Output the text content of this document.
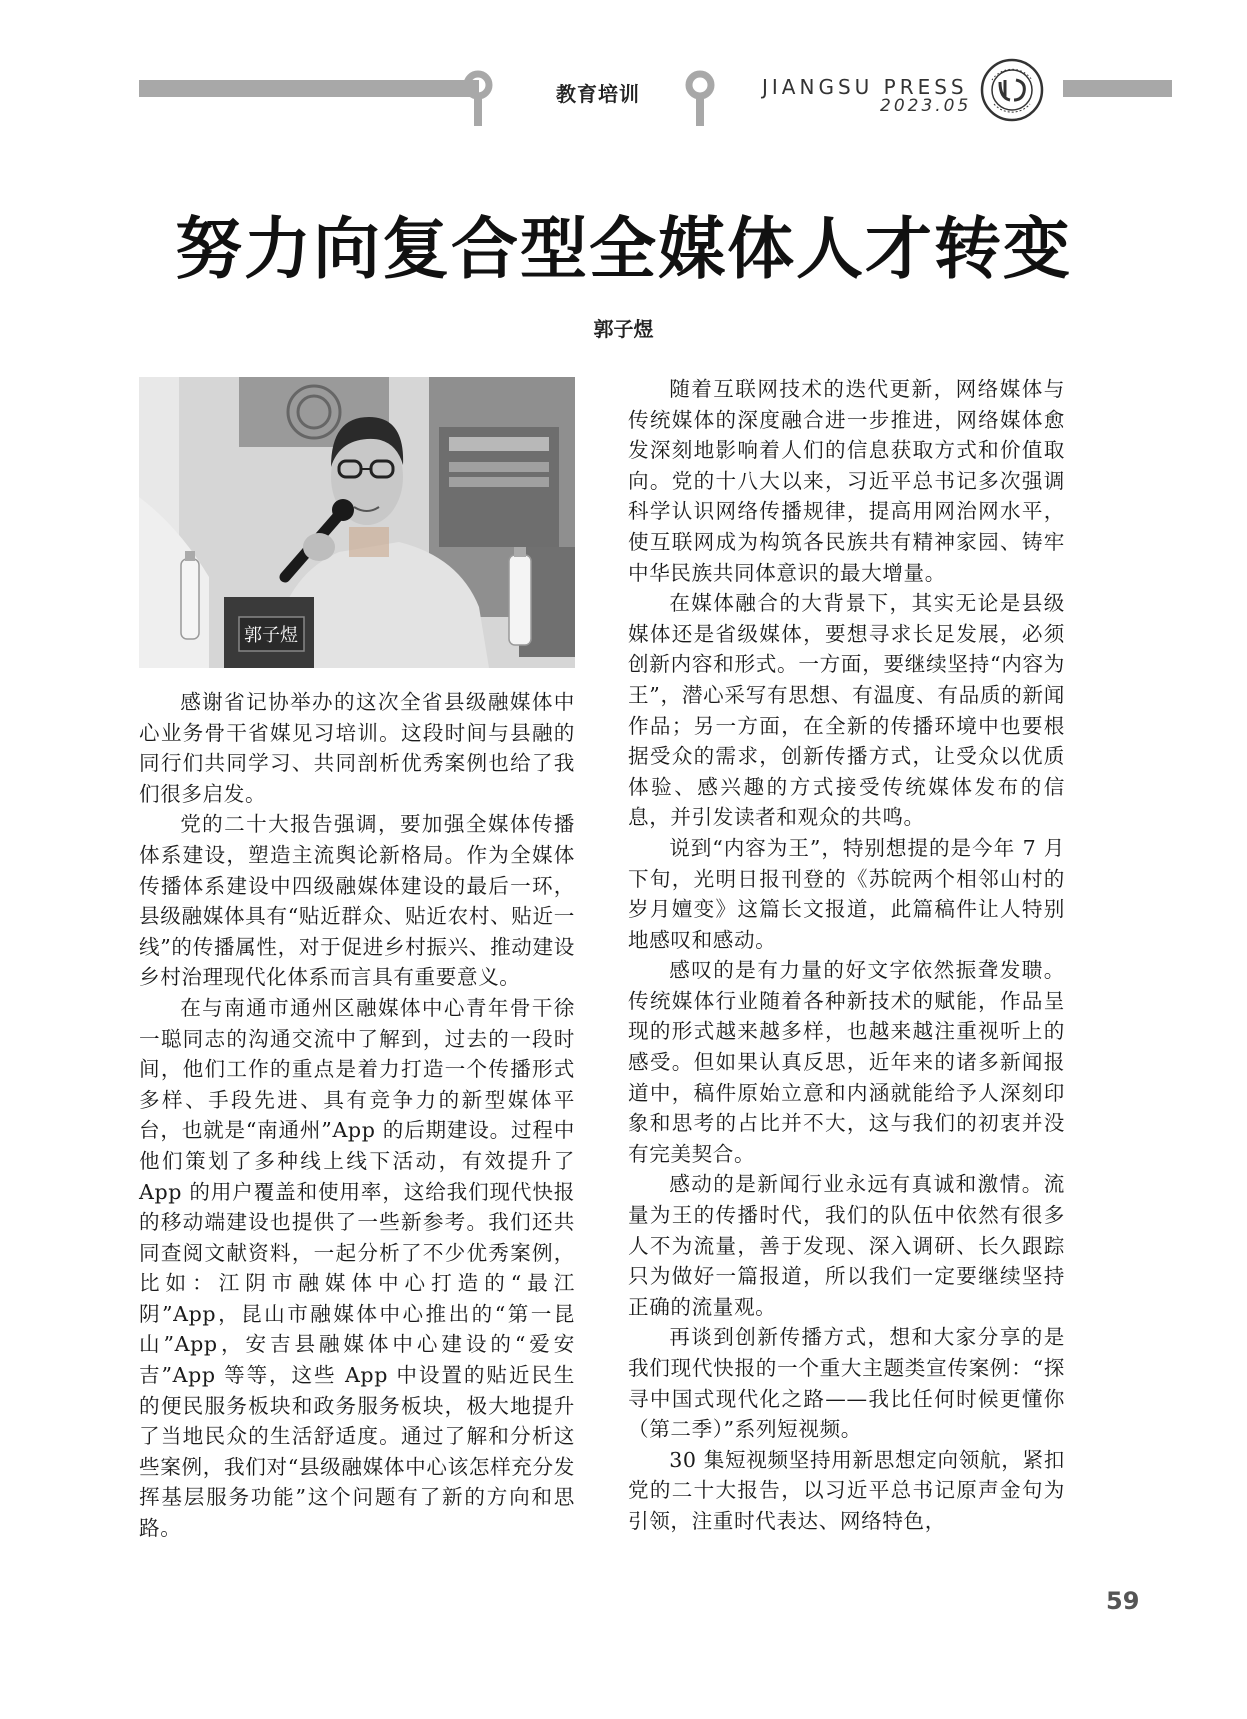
教育培训	JIANGSU PRESS
2023.05
努力向复合型全媒体人才转变
郭子煜
郭子煜

感谢省记协举办的这次全省县级融媒体中心业务骨干省媒见习培训。这段时间与县融的同行们共同学习、共同剖析优秀案例也给了我们很多启发。

党的二十大报告强调，要加强全媒体传播体系建设，塑造主流舆论新格局。作为全媒体传播体系建设中四级融媒体建设的最后一环，县级融媒体具有“贴近群众、贴近农村、贴近一线”的传播属性，对于促进乡村振兴、推动建设乡村治理现代化体系而言具有重要意义。

在与南通市通州区融媒体中心青年骨干徐一聪同志的沟通交流中了解到，过去的一段时间，他们工作的重点是着力打造一个传播形式多样、手段先进、具有竞争力的新型媒体平台，也就是“南通州”App 的后期建设。过程中他们策划了多种线上线下活动，有效提升了 App 的用户覆盖和使用率，这给我们现代快报的移动端建设也提供了一些新参考。我们还共同查阅文献资料，一起分析了不少优秀案例，比如：江阴市融媒体中心打造的“最江阴”App，昆山市融媒体中心推出的“第一昆山”App，安吉县融媒体中心建设的“爱安吉”App 等等，这些 App 中设置的贴近民生的便民服务板块和政务服务板块，极大地提升了当地民众的生活舒适度。通过了解和分析这些案例，我们对“县级融媒体中心该怎样充分发挥基层服务功能”这个问题有了新的方向和思路。

随着互联网技术的迭代更新，网络媒体与传统媒体的深度融合进一步推进，网络媒体愈发深刻地影响着人们的信息获取方式和价值取向。党的十八大以来，习近平总书记多次强调科学认识网络传播规律，提高用网治网水平，使互联网成为构筑各民族共有精神家园、铸牢中华民族共同体意识的最大增量。

在媒体融合的大背景下，其实无论是县级媒体还是省级媒体，要想寻求长足发展，必须创新内容和形式。一方面，要继续坚持“内容为王”，潜心采写有思想、有温度、有品质的新闻作品；另一方面，在全新的传播环境中也要根据受众的需求，创新传播方式，让受众以优质体验、感兴趣的方式接受传统媒体发布的信息，并引发读者和观众的共鸣。

说到“内容为王”，特别想提的是今年 7 月下旬，光明日报刊登的《苏皖两个相邻山村的岁月嬗变》这篇长文报道，此篇稿件让人特别地感叹和感动。

感叹的是有力量的好文字依然振聋发聩。传统媒体行业随着各种新技术的赋能，作品呈现的形式越来越多样，也越来越注重视听上的感受。但如果认真反思，近年来的诸多新闻报道中，稿件原始立意和内涵就能给予人深刻印象和思考的占比并不大，这与我们的初衷并没有完美契合。

感动的是新闻行业永远有真诚和激情。流量为王的传播时代，我们的队伍中依然有很多人不为流量，善于发现、深入调研、长久跟踪只为做好一篇报道，所以我们一定要继续坚持正确的流量观。

再谈到创新传播方式，想和大家分享的是我们现代快报的一个重大主题类宣传案例：“探寻中国式现代化之路——我比任何时候更懂你（第二季）”系列短视频。

30 集短视频坚持用新思想定向领航，紧扣党的二十大报告，以习近平总书记原声金句为引领，注重时代表达、网络特色，

59
